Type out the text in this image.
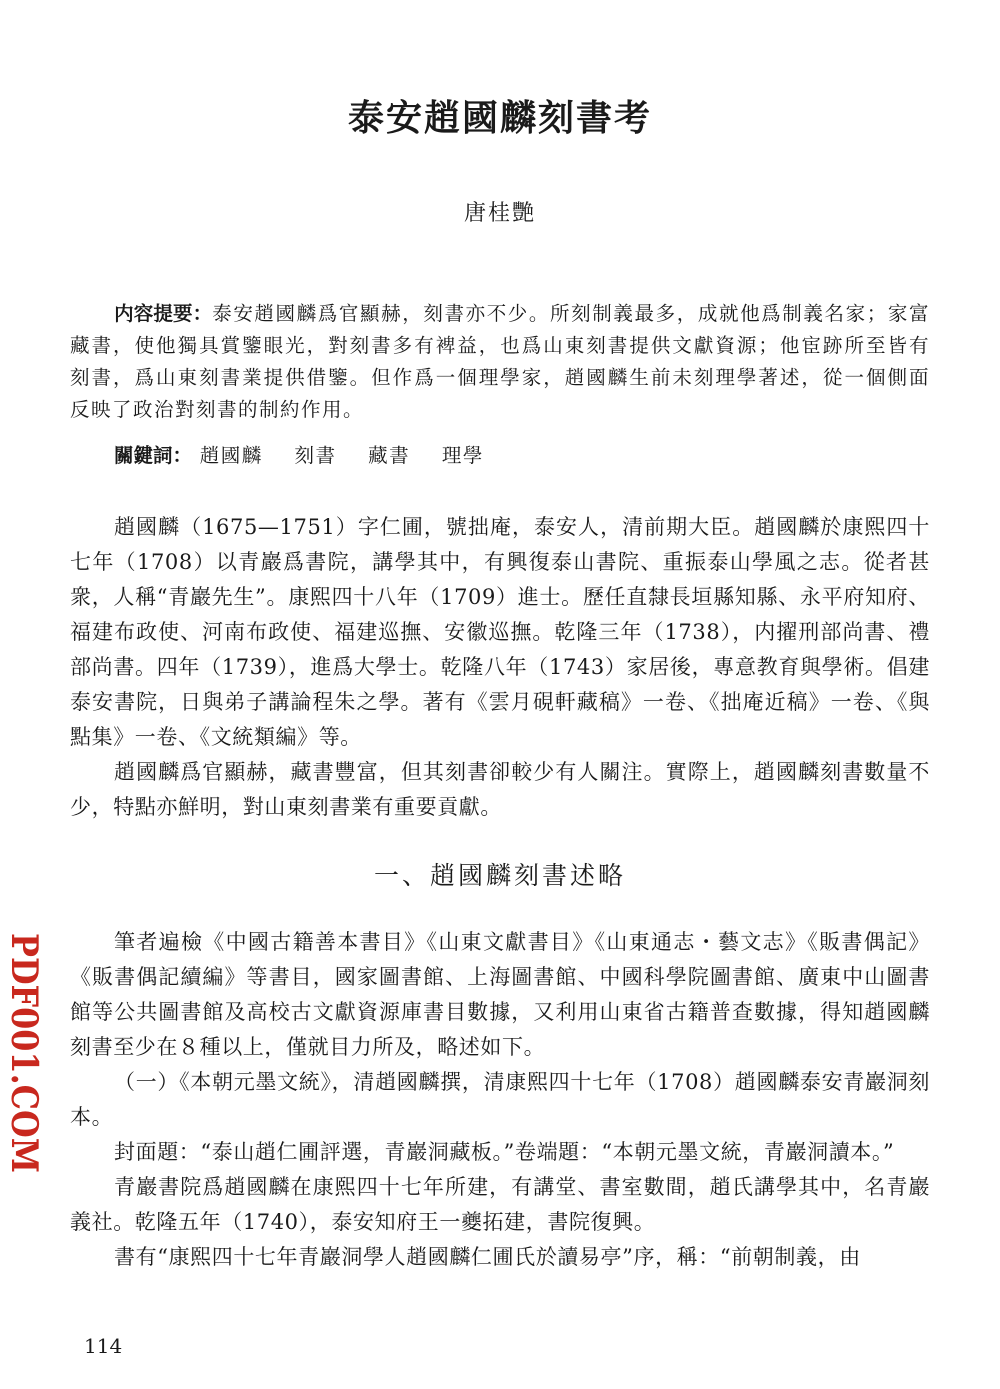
泰安趙國麟刻書考
唐桂艷
内容提要：泰安趙國麟爲官顯赫，刻書亦不少。所刻制義最多，成就他爲制義名家；家富藏書，使他獨具賞鑒眼光，對刻書多有裨益，也爲山東刻書提供文獻資源；他宦跡所至皆有刻書，爲山東刻書業提供借鑒。但作爲一個理學家，趙國麟生前未刻理學著述，從一個側面反映了政治對刻書的制約作用。
關鍵詞： 趙國麟 刻書 藏書 理學

趙國麟（1675—1751）字仁圃，號拙庵，泰安人，清前期大臣。趙國麟於康熙四十七年（1708）以青巖爲書院，講學其中，有興復泰山書院、重振泰山學風之志。從者甚衆，人稱“青巖先生”。康熙四十八年（1709）進士。歷任直隸長垣縣知縣、永平府知府、福建布政使、河南布政使、福建巡撫、安徽巡撫。乾隆三年（1738），内擢刑部尚書、禮部尚書。四年（1739），進爲大學士。乾隆八年（1743）家居後，專意教育與學術。倡建泰安書院，日與弟子講論程朱之學。著有《雲月硯軒藏稿》一卷、《拙庵近稿》一卷、《與點集》一卷、《文統類編》等。

趙國麟爲官顯赫，藏書豐富，但其刻書卻較少有人關注。實際上，趙國麟刻書數量不少，特點亦鮮明，對山東刻書業有重要貢獻。

一、趙國麟刻書述略

筆者遍檢《中國古籍善本書目》《山東文獻書目》《山東通志・藝文志》《販書偶記》《販書偶記續編》等書目，國家圖書館、上海圖書館、中國科學院圖書館、廣東中山圖書館等公共圖書館及高校古文獻資源庫書目數據，又利用山東省古籍普查數據，得知趙國麟刻書至少在８種以上，僅就目力所及，略述如下。

（一）《本朝元墨文統》，清趙國麟撰，清康熙四十七年（1708）趙國麟泰安青巖洞刻本。

封面題：“泰山趙仁圃評選，青巖洞藏板。”卷端題：“本朝元墨文統，青巖洞讀本。”

青巖書院爲趙國麟在康熙四十七年所建，有講堂、書室數間，趙氏講學其中，名青巖義社。乾隆五年（1740），泰安知府王一夔拓建，書院復興。

書有“康熙四十七年青巖洞學人趙國麟仁圃氏於讀易亭”序，稱：“前朝制義，由

114
PDF001.COM
